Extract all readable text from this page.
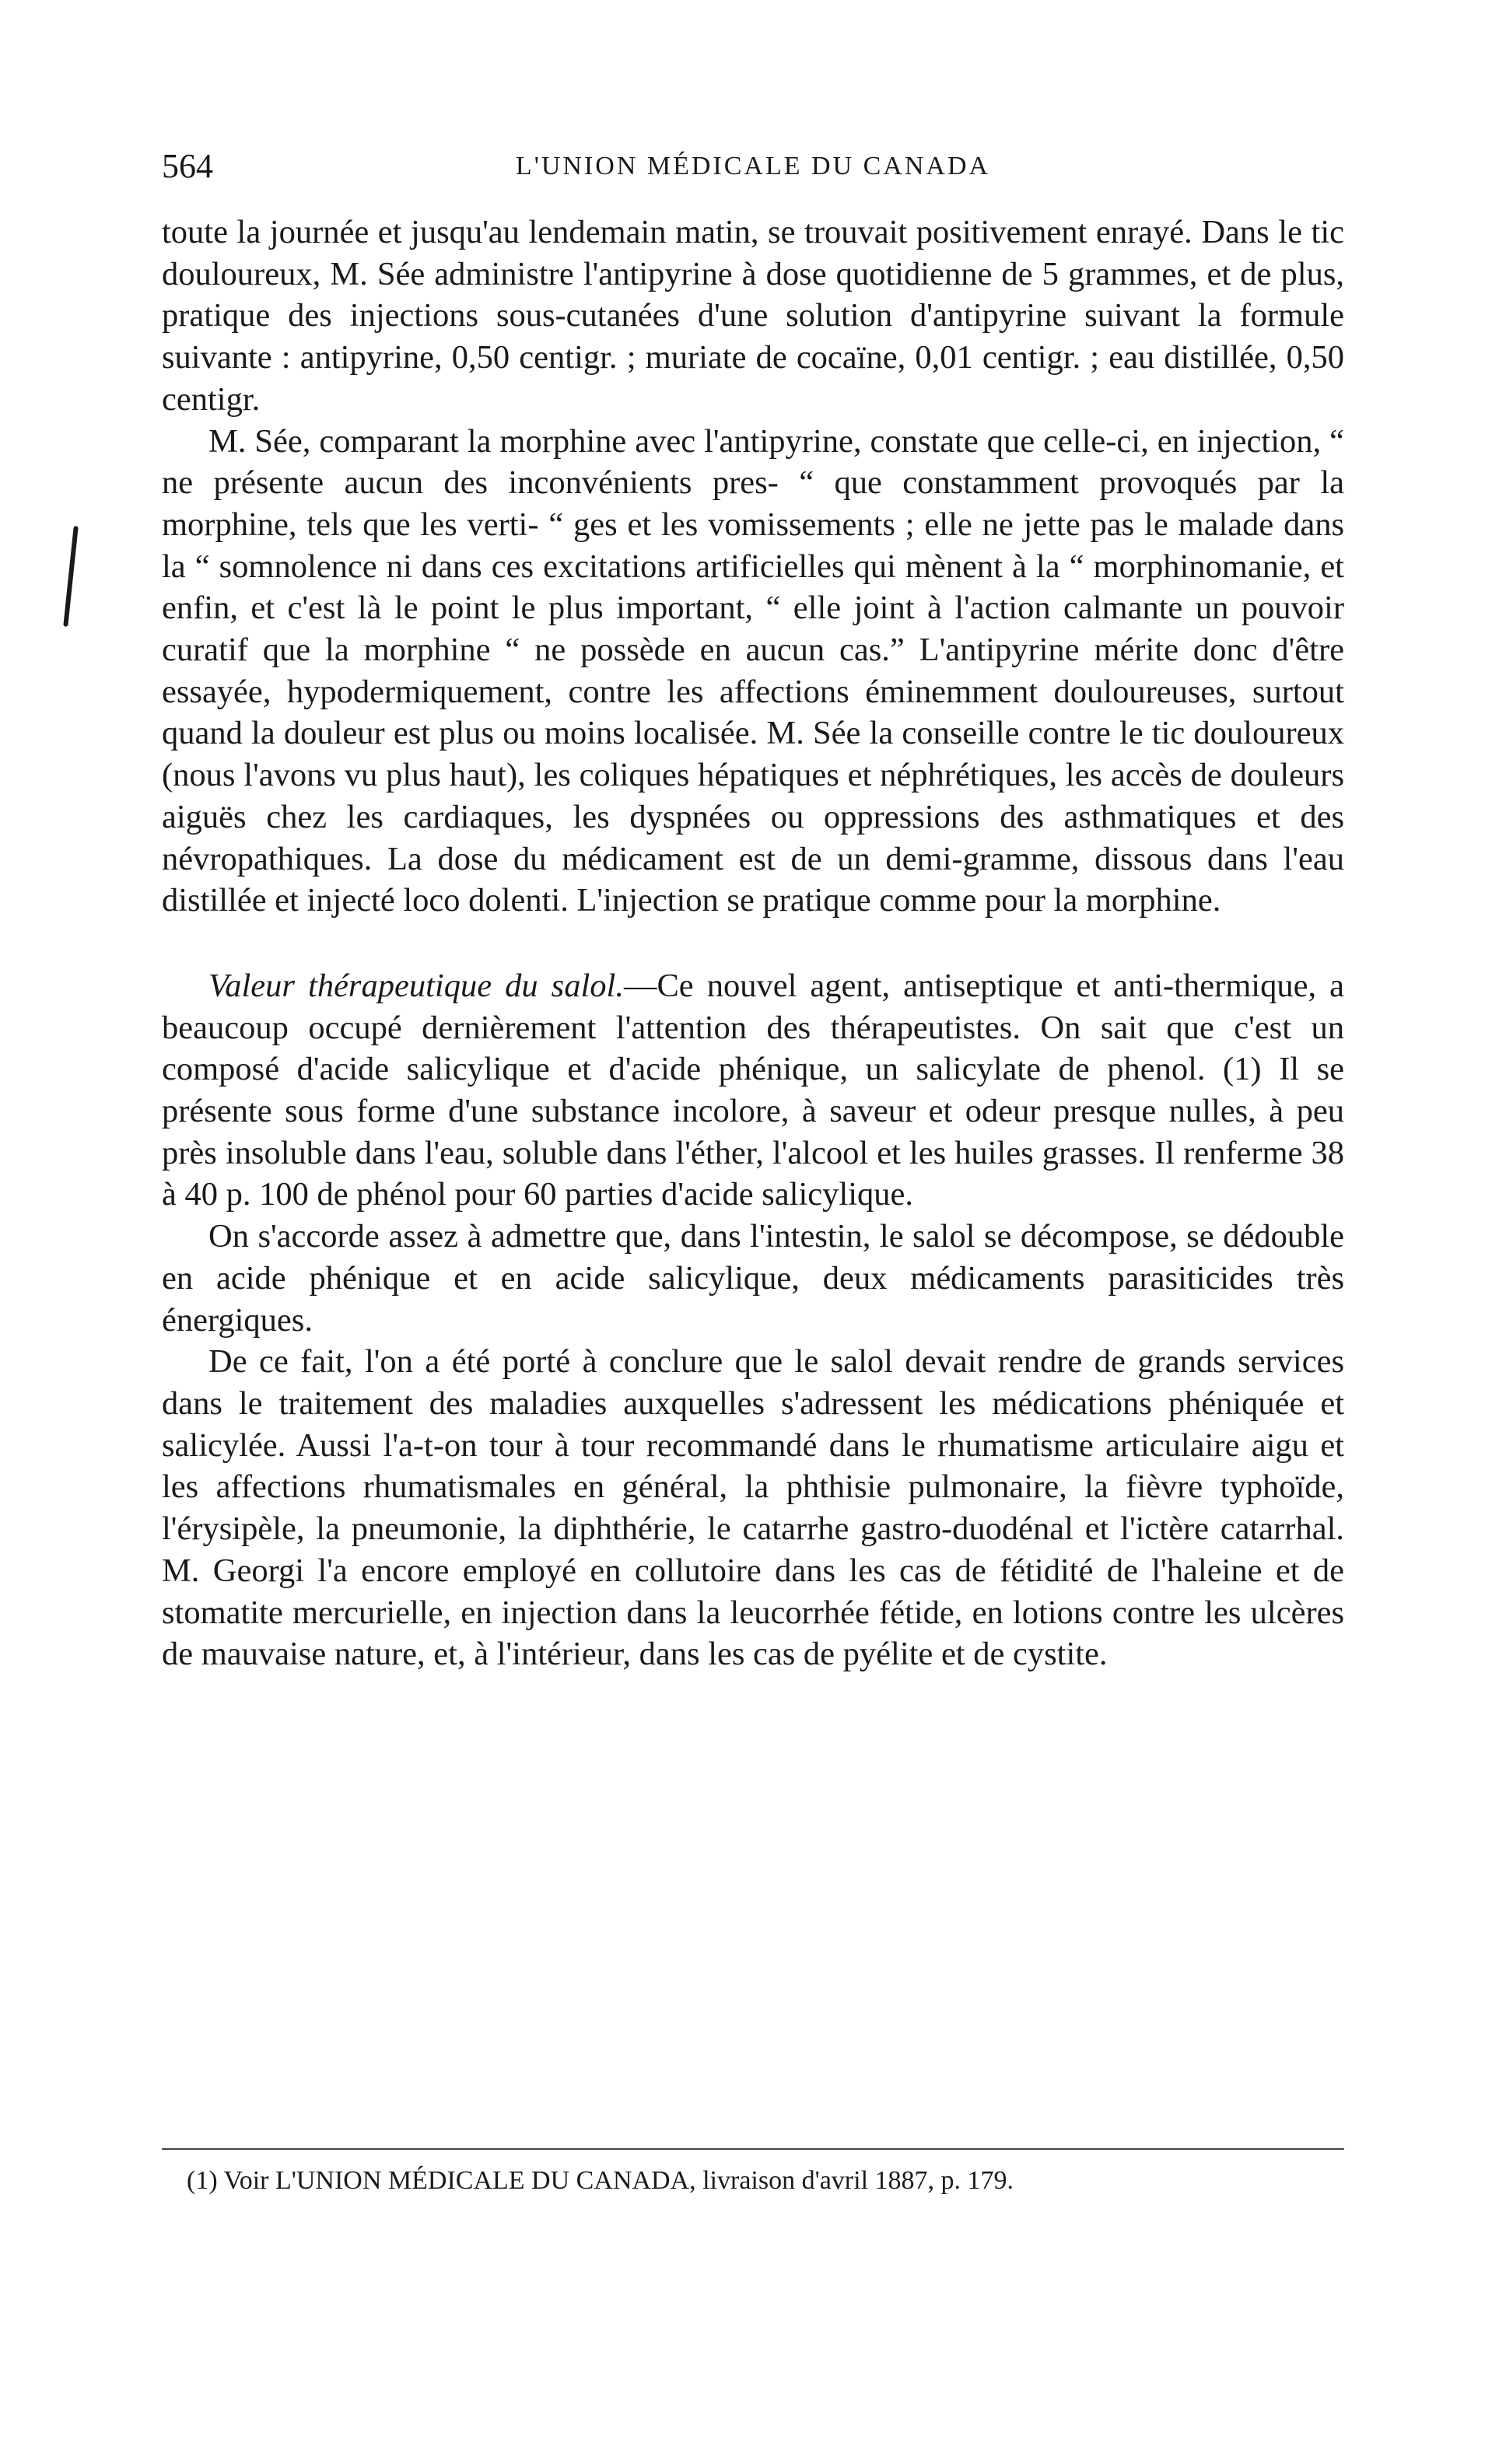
564	L'UNION MÉDICALE DU CANADA

toute la journée et jusqu'au lendemain matin, se trouvait positivement enrayé. Dans le tic douloureux, M. Sée administre l'antipyrine à dose quotidienne de 5 grammes, et de plus, pratique des injections sous-cutanées d'une solution d'antipyrine suivant la formule suivante : antipyrine, 0,50 centigr. ; muriate de cocaïne, 0,01 centigr. ; eau distillée, 0,50 centigr.

M. Sée, comparant la morphine avec l'antipyrine, constate que celle-ci, en injection, “ ne présente aucun des inconvénients pres- “ que constamment provoqués par la morphine, tels que les verti- “ ges et les vomissements ; elle ne jette pas le malade dans la “ somnolence ni dans ces excitations artificielles qui mènent à la “ morphinomanie, et enfin, et c'est là le point le plus important, “ elle joint à l'action calmante un pouvoir curatif que la morphine “ ne possède en aucun cas.” L'antipyrine mérite donc d'être essayée, hypodermiquement, contre les affections éminemment douloureuses, surtout quand la douleur est plus ou moins localisée. M. Sée la conseille contre le tic douloureux (nous l'avons vu plus haut), les coliques hépatiques et néphrétiques, les accès de douleurs aiguës chez les cardiaques, les dyspnées ou oppressions des asthmatiques et des névropathiques. La dose du médicament est de un demi-gramme, dissous dans l'eau distillée et injecté loco dolenti. L'injection se pratique comme pour la morphine.

Valeur thérapeutique du salol.—Ce nouvel agent, antiseptique et anti-thermique, a beaucoup occupé dernièrement l'attention des thérapeutistes. On sait que c'est un composé d'acide salicylique et d'acide phénique, un salicylate de phenol. (1) Il se présente sous forme d'une substance incolore, à saveur et odeur presque nulles, à peu près insoluble dans l'eau, soluble dans l'éther, l'alcool et les huiles grasses. Il renferme 38 à 40 p. 100 de phénol pour 60 parties d'acide salicylique.

On s'accorde assez à admettre que, dans l'intestin, le salol se décompose, se dédouble en acide phénique et en acide salicylique, deux médicaments parasiticides très énergiques.

De ce fait, l'on a été porté à conclure que le salol devait rendre de grands services dans le traitement des maladies auxquelles s'adressent les médications phéniquée et salicylée. Aussi l'a-t-on tour à tour recommandé dans le rhumatisme articulaire aigu et les affections rhumatismales en général, la phthisie pulmonaire, la fièvre typhoïde, l'érysipèle, la pneumonie, la diphthérie, le catarrhe gastro-duodénal et l'ictère catarrhal. M. Georgi l'a encore employé en collutoire dans les cas de fétidité de l'haleine et de stomatite mercurielle, en injection dans la leucorrhée fétide, en lotions contre les ulcères de mauvaise nature, et, à l'intérieur, dans les cas de pyélite et de cystite.

(1) Voir L'UNION MÉDICALE DU CANADA, livraison d'avril 1887, p. 179.
